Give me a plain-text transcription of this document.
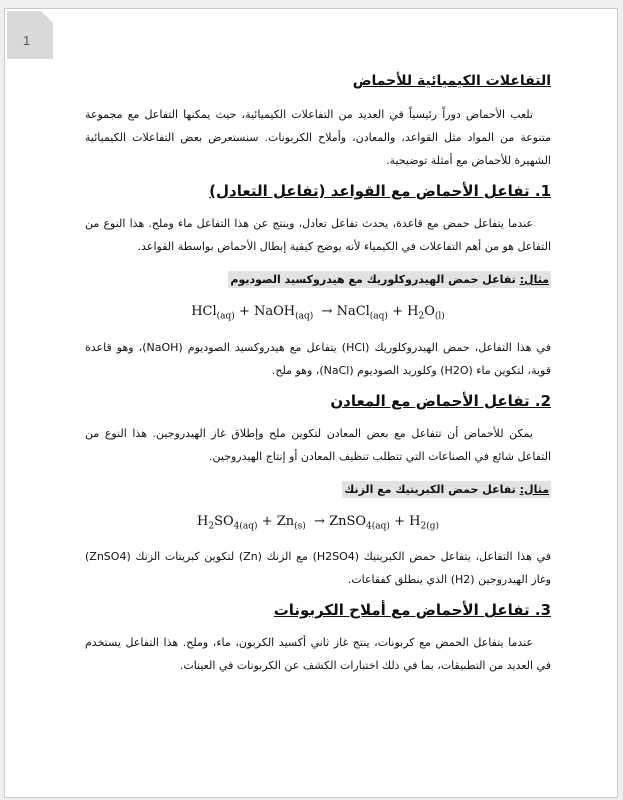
1
التفاعلات الكيميائية للأحماض

تلعب الأحماض دوراً رئيسياً في العديد من التفاعلات الكيميائية، حيث يمكنها التفاعل مع مجموعة متنوعة من المواد مثل القواعد، والمعادن، وأملاح الكربونات. سنستعرض بعض التفاعلات الكيميائية الشهيرة للأحماض مع أمثلة توضيحية.

1. تفاعل الأحماض مع القواعد (تفاعل التعادل)

عندما يتفاعل حمض مع قاعدة، يحدث تفاعل تعادل، وينتج عن هذا التفاعل ماء وملح. هذا النوع من التفاعل هو من أهم التفاعلات في الكيمياء لأنه يوضح كيفية إبطال الأحماض بواسطة القواعد.

مثال: تفاعل حمض الهيدروكلوريك مع هيدروكسيد الصوديوم
HCl$_{(aq)}$ + NaOH$_{(aq)}$  → NaCl$_{(aq)}$ + $H_2O_{(l)}$

في هذا التفاعل، حمض الهيدروكلوريك (HCl) يتفاعل مع هيدروكسيد الصوديوم (NaOH)، وهو قاعدة قوية، لتكوين ماء (H2O) وكلوريد الصوديوم (NaCl)، وهو ملح.

2. تفاعل الأحماض مع المعادن

يمكن للأحماض أن تتفاعل مع بعض المعادن لتكوين ملح وإطلاق غاز الهيدروجين. هذا النوع من التفاعل شائع في الصناعات التي تتطلب تنظيف المعادن أو إنتاج الهيدروجين.

مثال: تفاعل حمض الكبريتيك مع الزنك
$H_2SO_{4(aq)} + Zn_{(s)}$  → ZnSO$_{4(aq)}$ + $H_{2(g)}$

في هذا التفاعل، يتفاعل حمض الكبريتيك (H2SO4) مع الزنك (Zn) لتكوين كبريتات الزنك (ZnSO4) وغاز الهيدروجين (H2) الذي ينطلق كفقاعات.

3. تفاعل الأحماض مع أملاح الكربونات

عندما يتفاعل الحمض مع كربونات، ينتج غاز ثاني أكسيد الكربون، ماء، وملح. هذا التفاعل يستخدم في العديد من التطبيقات، بما في ذلك اختبارات الكشف عن الكربونات في العينات.
